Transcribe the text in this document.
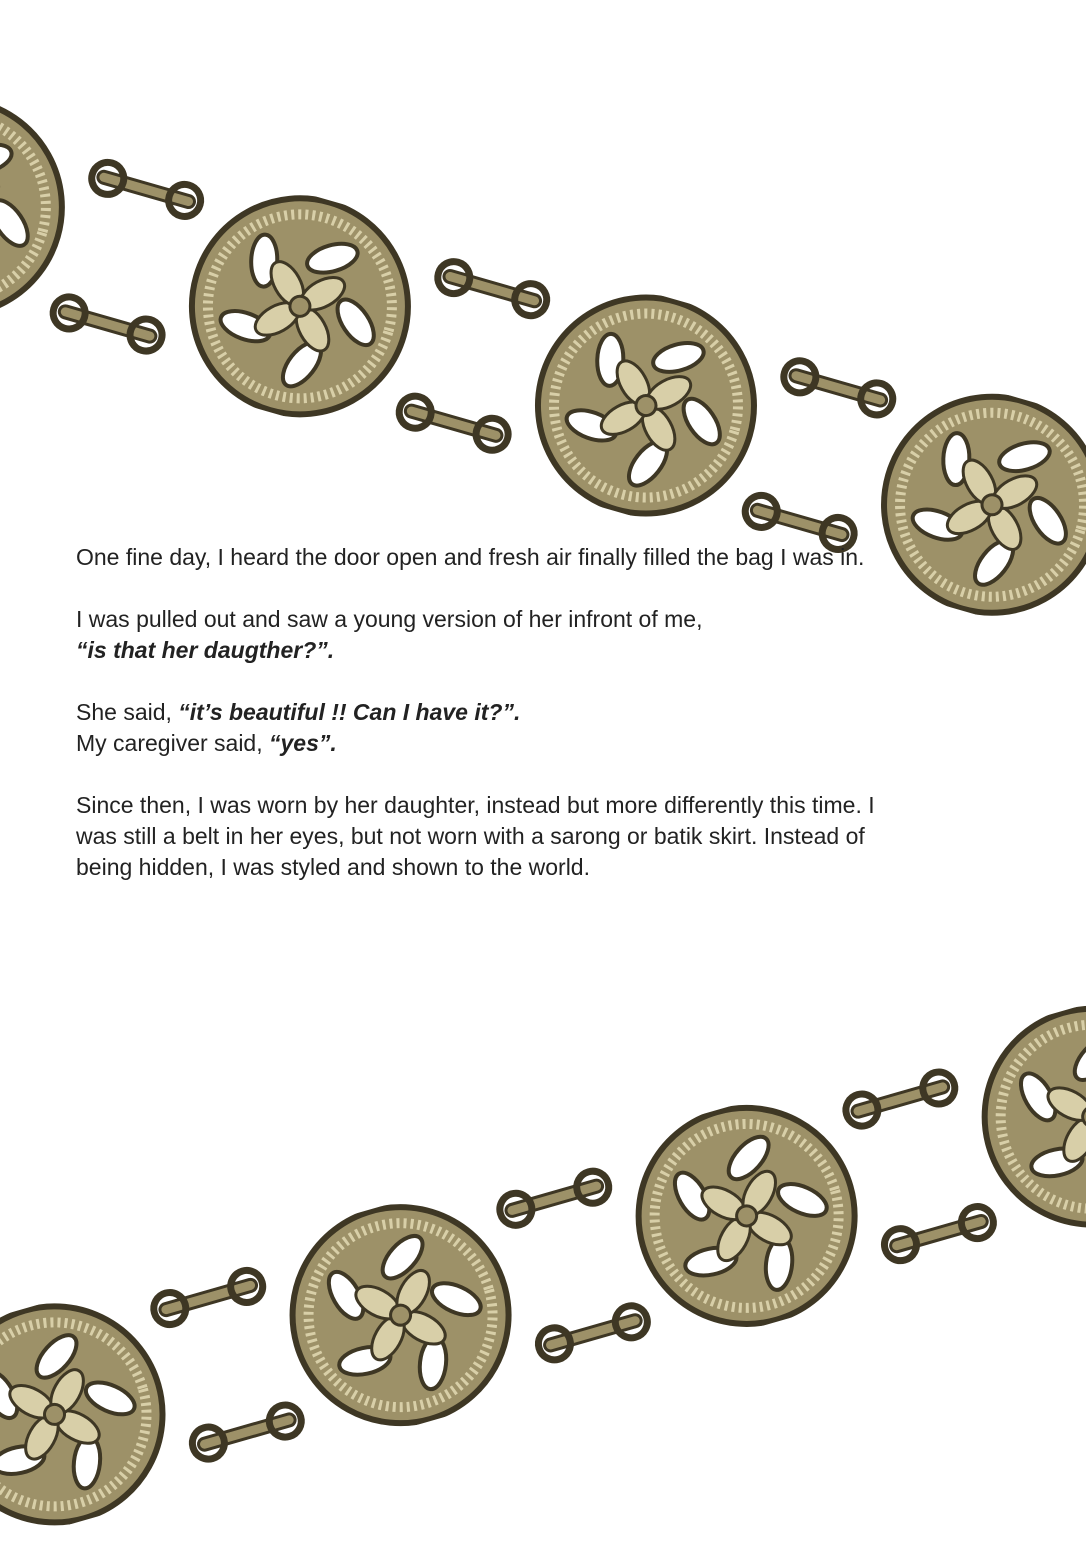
One fine day, I heard the door open and fresh air finally filled the bag I was in.

I was pulled out and saw a young version of her infront of me,
“is that her daugther?”.

She said, “it’s beautiful !! Can I have it?”.
My caregiver said, “yes”.

Since then, I was worn by her daughter, instead but more differently this time. I was still a belt in her eyes, but not worn with a sarong or batik skirt. Instead of being hidden, I was styled and shown to the world.
